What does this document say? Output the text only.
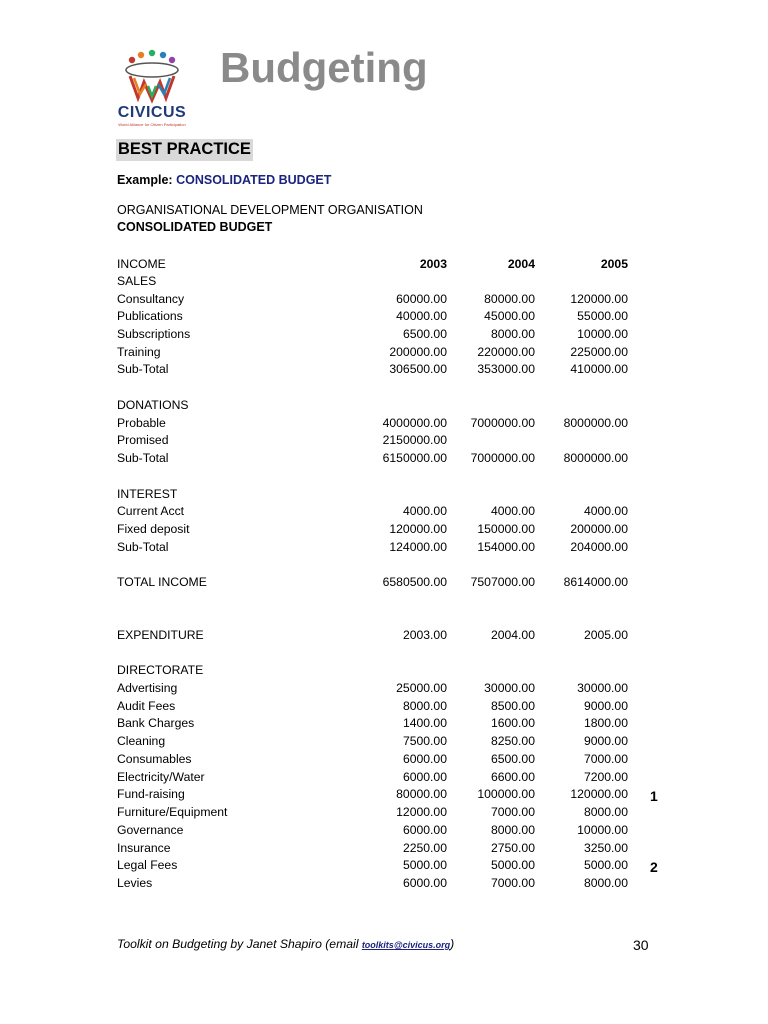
CIVICUS
World Alliance for Citizen Participation
Budgeting
BEST PRACTICE
Example: CONSOLIDATED BUDGET
ORGANISATIONAL DEVELOPMENT ORGANISATION
CONSOLIDATED BUDGET
INCOME	2003	2004	2005
SALES
Consultancy	60000.00	80000.00	120000.00
Publications	40000.00	45000.00	55000.00
Subscriptions	6500.00	8000.00	10000.00
Training	200000.00 220000.00	225000.00
Sub-Total	306500.00 353000.00	410000.00
DONATIONS
Probable	4000000.00 7000000.00 8000000.00
Promised	2150000.00
Sub-Total	6150000.00 7000000.00 8000000.00
INTEREST
Current Acct	4000.00	4000.00	4000.00
Fixed deposit	120000.00 150000.00	200000.00
Sub-Total	124000.00 154000.00	204000.00
TOTAL INCOME	6580500.00 7507000.00 8614000.00
EXPENDITURE	2003.00	2004.00	2005.00
DIRECTORATE
Advertising	25000.00	30000.00	30000.00
Audit Fees	8000.00	8500.00	9000.00
Bank Charges	1400.00	1600.00	1800.00
Cleaning	7500.00	8250.00	9000.00
Consumables	6000.00	6500.00	7000.00
Electricity/Water	6000.00	6600.00	7200.00
Fund-raising	80000.00 100000.00	120000.00 1
Furniture/Equipment	12000.00	7000.00	8000.00
Governance	6000.00	8000.00	10000.00
Insurance	2250.00	2750.00	3250.00
Legal Fees	5000.00	5000.00	5000.00 2
Levies	6000.00	7000.00	8000.00
Toolkit on Budgeting by Janet Shapiro (email toolkits@civicus.org)	30
